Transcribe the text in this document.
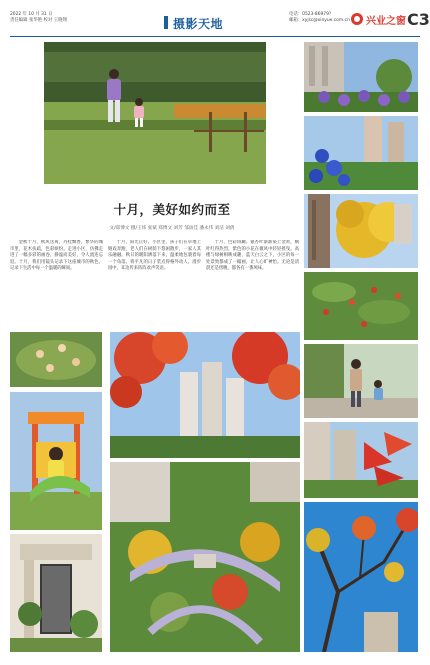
2022 年 10 月 31 日
责任编辑 张华艳 校对 王晓翔	摄影天地
电话：0523-86979?
邮箱：xyjsc@xinyue.com.cn 兴业之窗 C3
十月，美好如约而至
文/郑博文 摄/王炜 张斌 郑博文 刘芳 邹雨佳 潘永伟 刘洁 刘倩

金秋十月，秋风送爽，丹桂飘香，繁华的城市里，花木扶疏，色彩缤纷。走进小区，仿佛走进了一幅多彩的画卷，静谧而美好，令人流连忘返。十月，我们用镜头记录下这座城市的秋色，记录下生活中每一个温暖的瞬间。

十月，阳光正好。小区里，孩子们在草地上嬉戏奔跑，老人们在树荫下悠闲散步，一家人其乐融融。秋日的暖阳洒落下来，温柔地包裹着每一个角落，将平凡的日子装点得格外动人。漫步园中，耳边传来阵阵欢声笑语。

十月，色彩斑斓。银杏叶渐渐染上金黄，枫叶红得热烈，紫色的小花在微风中轻轻摇曳。高楼与绿树相映成趣，蓝天白云之下，小区的每一处景致都成了一幅画，让人心旷神怡。无论是清晨还是傍晚，都各有一番风味。
